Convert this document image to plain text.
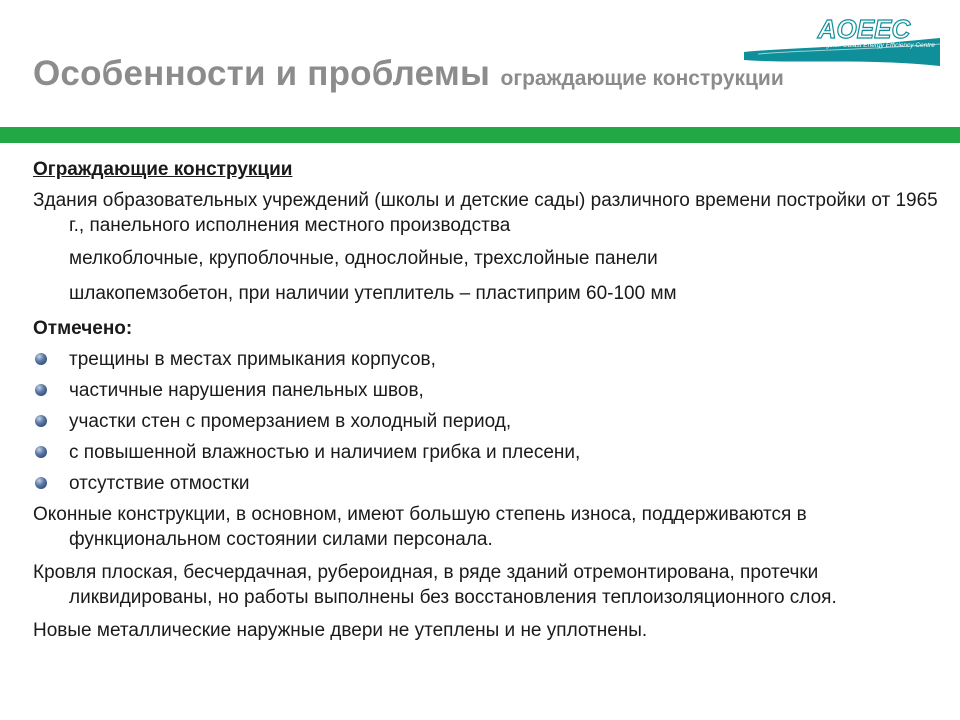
Особенности и проблемы ограждающие конструкции
AOEEC
Archangelsk Oblast Energy Efficiency Centre
Ограждающие конструкции
Здания образовательных учреждений (школы и детские сады) различного времени постройки от 1965 г., панельного исполнения местного производства
мелкоблочные, крупоблочные, однослойные, трехслойные панели
шлакопемзобетон, при наличии утеплитель – пластиприм 60-100 мм
Отмечено:
трещины в местах примыкания корпусов,
частичные нарушения панельных швов,
участки стен с промерзанием в холодный период,
с повышенной влажностью и наличием грибка и плесени,
отсутствие отмостки
Оконные конструкции, в основном, имеют большую степень износа, поддерживаются в функциональном состоянии силами персонала.
Кровля плоская, бесчердачная, рубероидная, в ряде зданий отремонтирована, протечки ликвидированы, но работы выполнены без восстановления теплоизоляционного слоя.
Новые металлические наружные двери не утеплены и не уплотнены.
